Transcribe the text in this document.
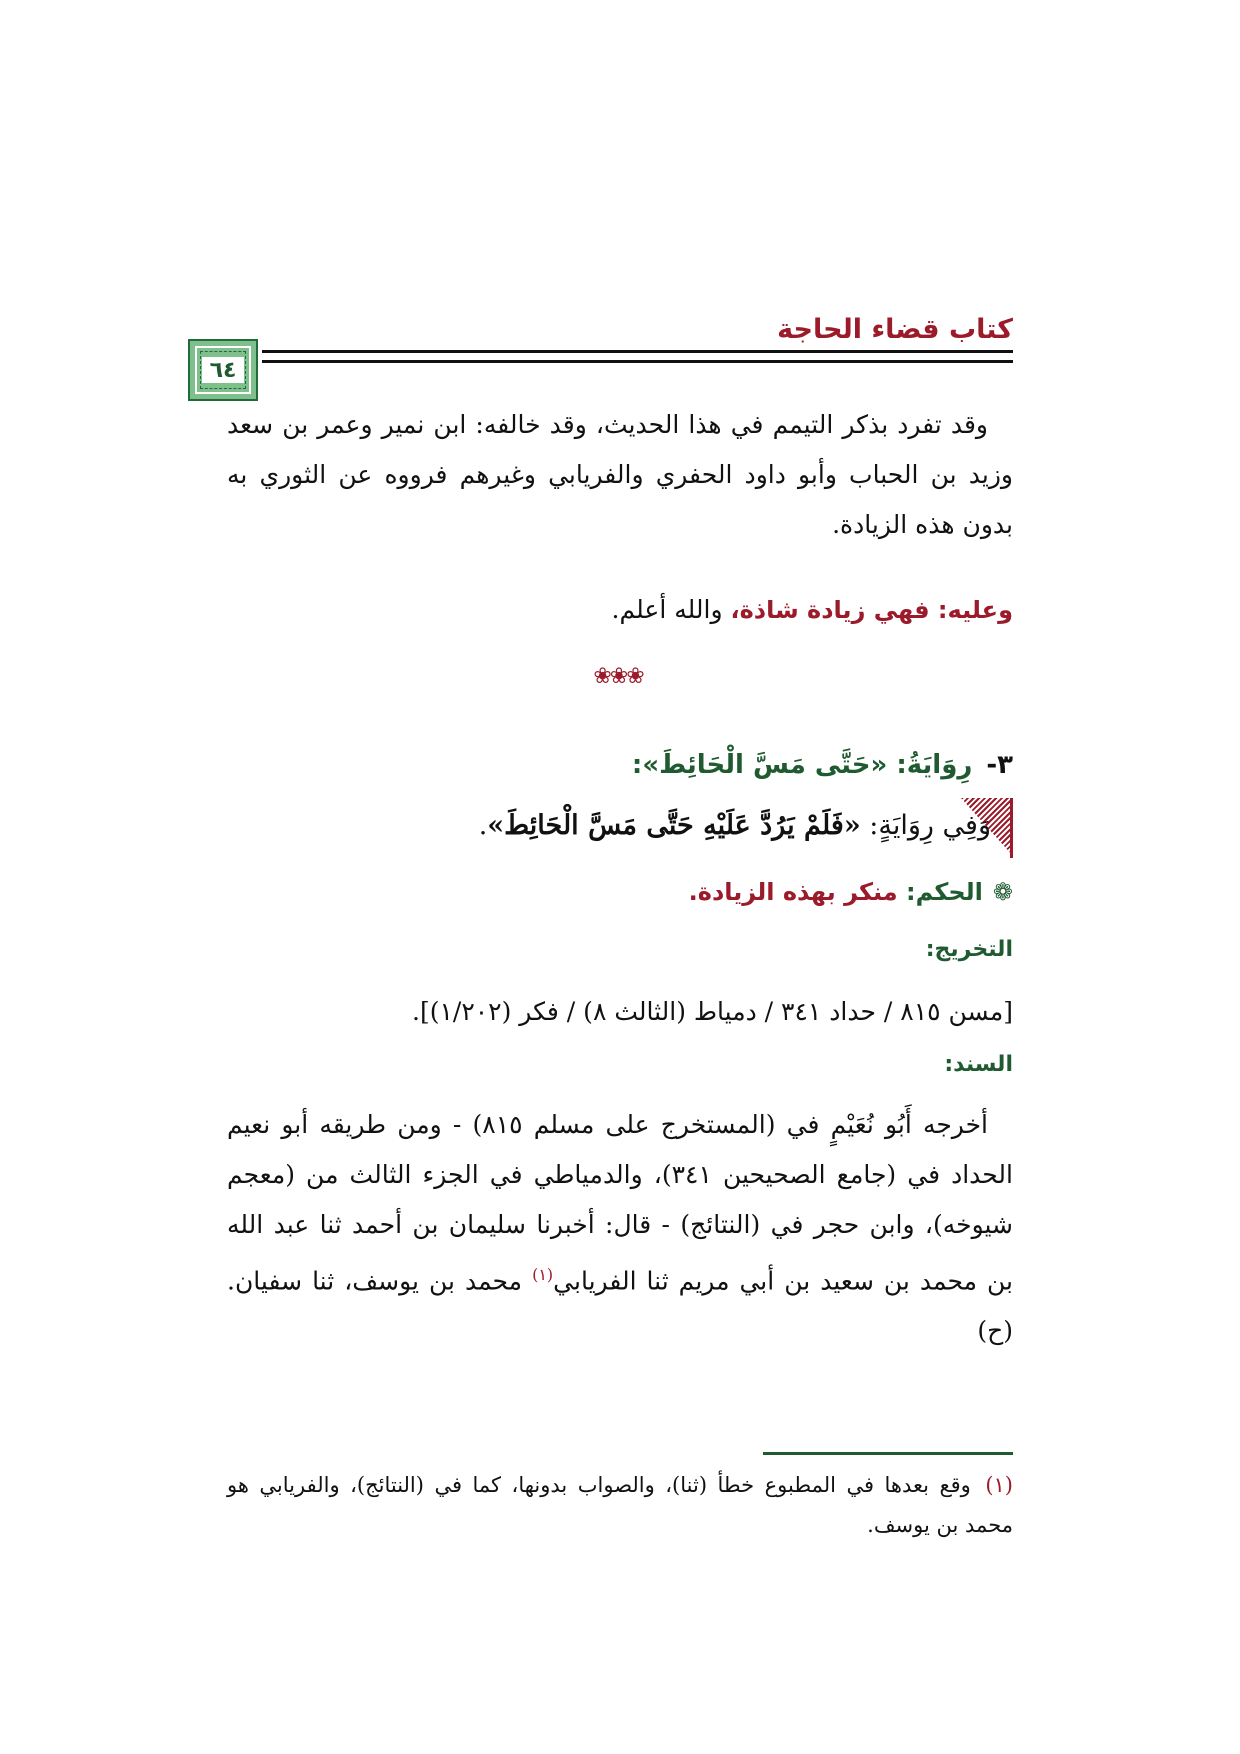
كتاب قضاء الحاجة
٦٤

وقد تفرد بذكر التيمم في هذا الحديث، وقد خالفه: ابن نمير وعمر بن سعد وزيد بن الحباب وأبو داود الحفري والفريابي وغيرهم فرووه عن الثوري به بدون هذه الزيادة.

وعليه: فهي زيادة شاذة، والله أعلم.
❀❀❀
٣-رِوَايَةُ: «حَتَّى مَسَّ الْحَائِطَ»:
وَفِي رِوَايَةٍ: «فَلَمْ يَرُدَّ عَلَيْهِ حَتَّى مَسَّ الْحَائِطَ».
❁الحكم: منكر بهذه الزيادة.
التخريج:
[مسن ٨١٥ / حداد ٣٤١ / دمياط (الثالث ٨) / فكر (١/٢٠٢)].
السند:

أخرجه أَبُو نُعَيْمٍ في (المستخرج على مسلم ٨١٥) - ومن طريقه أبو نعيم الحداد في (جامع الصحيحين ٣٤١)، والدمياطي في الجزء الثالث من (معجم شيوخه)، وابن حجر في (النتائج) - قال: أخبرنا سليمان بن أحمد ثنا عبد الله بن محمد بن سعيد بن أبي مريم ثنا الفريابي$^{(١)}$ محمد بن يوسف، ثنا سفيان. (ح)

(١) وقع بعدها في المطبوع خطأ (ثنا)، والصواب بدونها، كما في (النتائج)، والفريابي هو محمد بن يوسف.
